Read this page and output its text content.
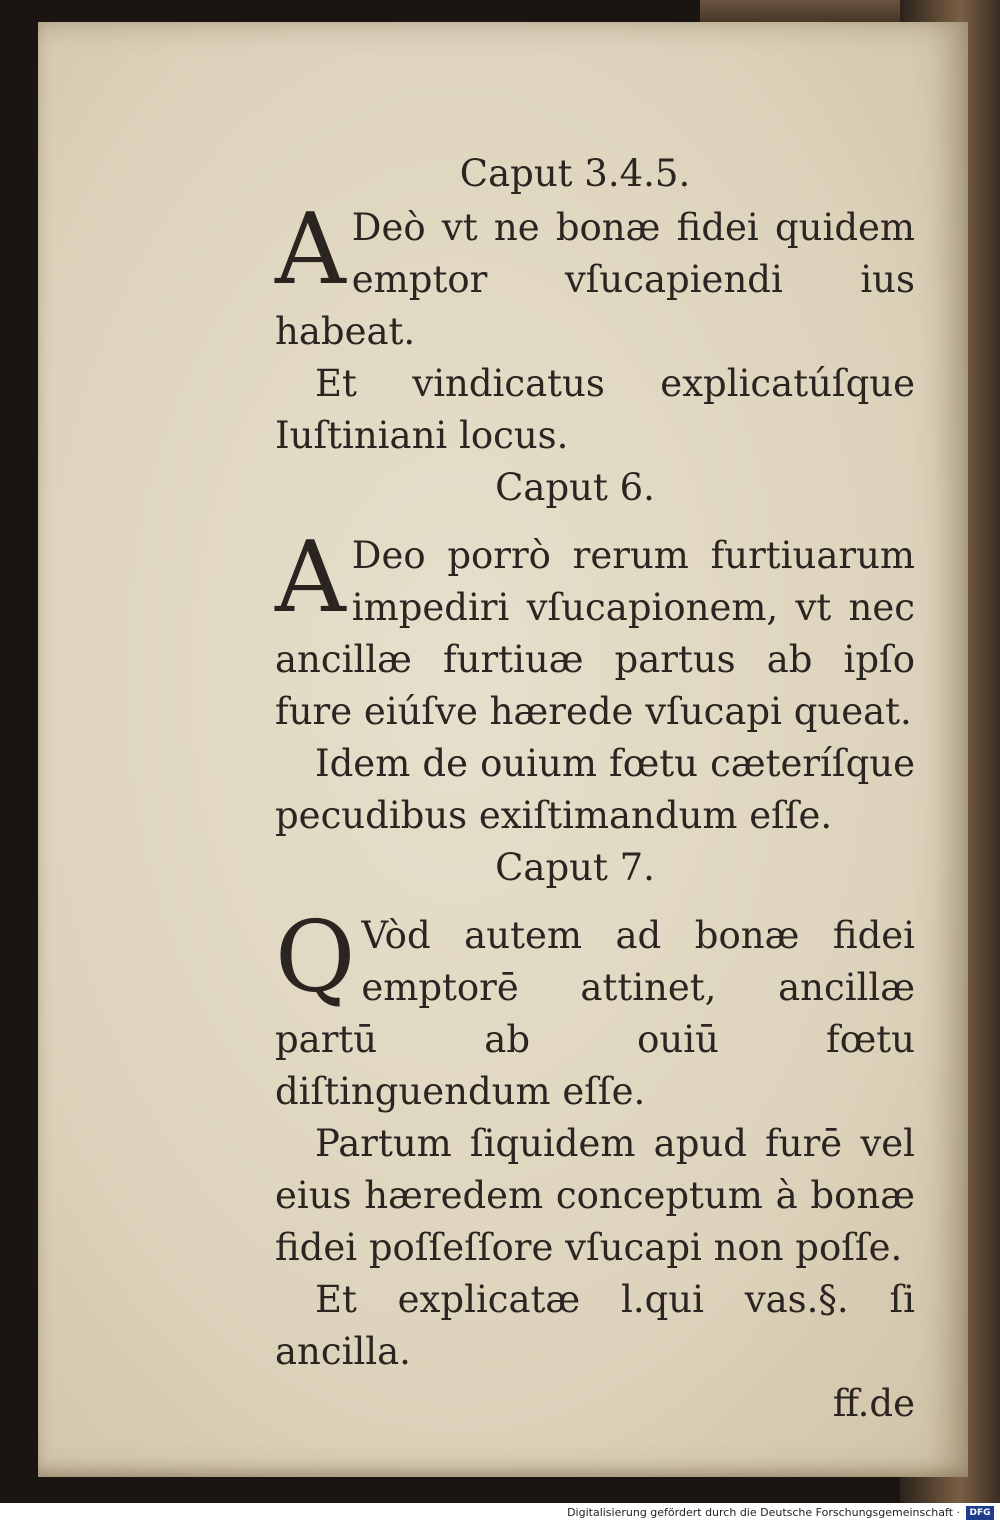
Caput 3.4.5.

A Deò vt ne bonæ fidei quidem emptor vſucapiendi ius habeat.

Et vindicatus explicatúſque Iuſtiniani locus.

Caput 6.

A Deo porrò rerum furtiuarum impediri vſucapionem, vt nec ancillæ furtiuæ partus ab ipſo fure eiúſve hærede vſucapi queat.

Idem de ouium fœtu cæteríſque pecudibus exiſtimandum eſſe.

Caput 7.

Q Vòd autem ad bonæ fidei emptorē attinet, ancillæ partū ab ouiū fœtu diſtinguendum eſſe.

Partum ſiquidem apud furē vel eius hæredem conceptum à bonæ fidei poſſeſſore vſucapi non poſſe.

Et explicatæ l.qui vas.§. ſi ancilla.

ff.de

Digitalisierung gefördert durch die Deutsche Forschungsgemeinschaft ·	DFG
